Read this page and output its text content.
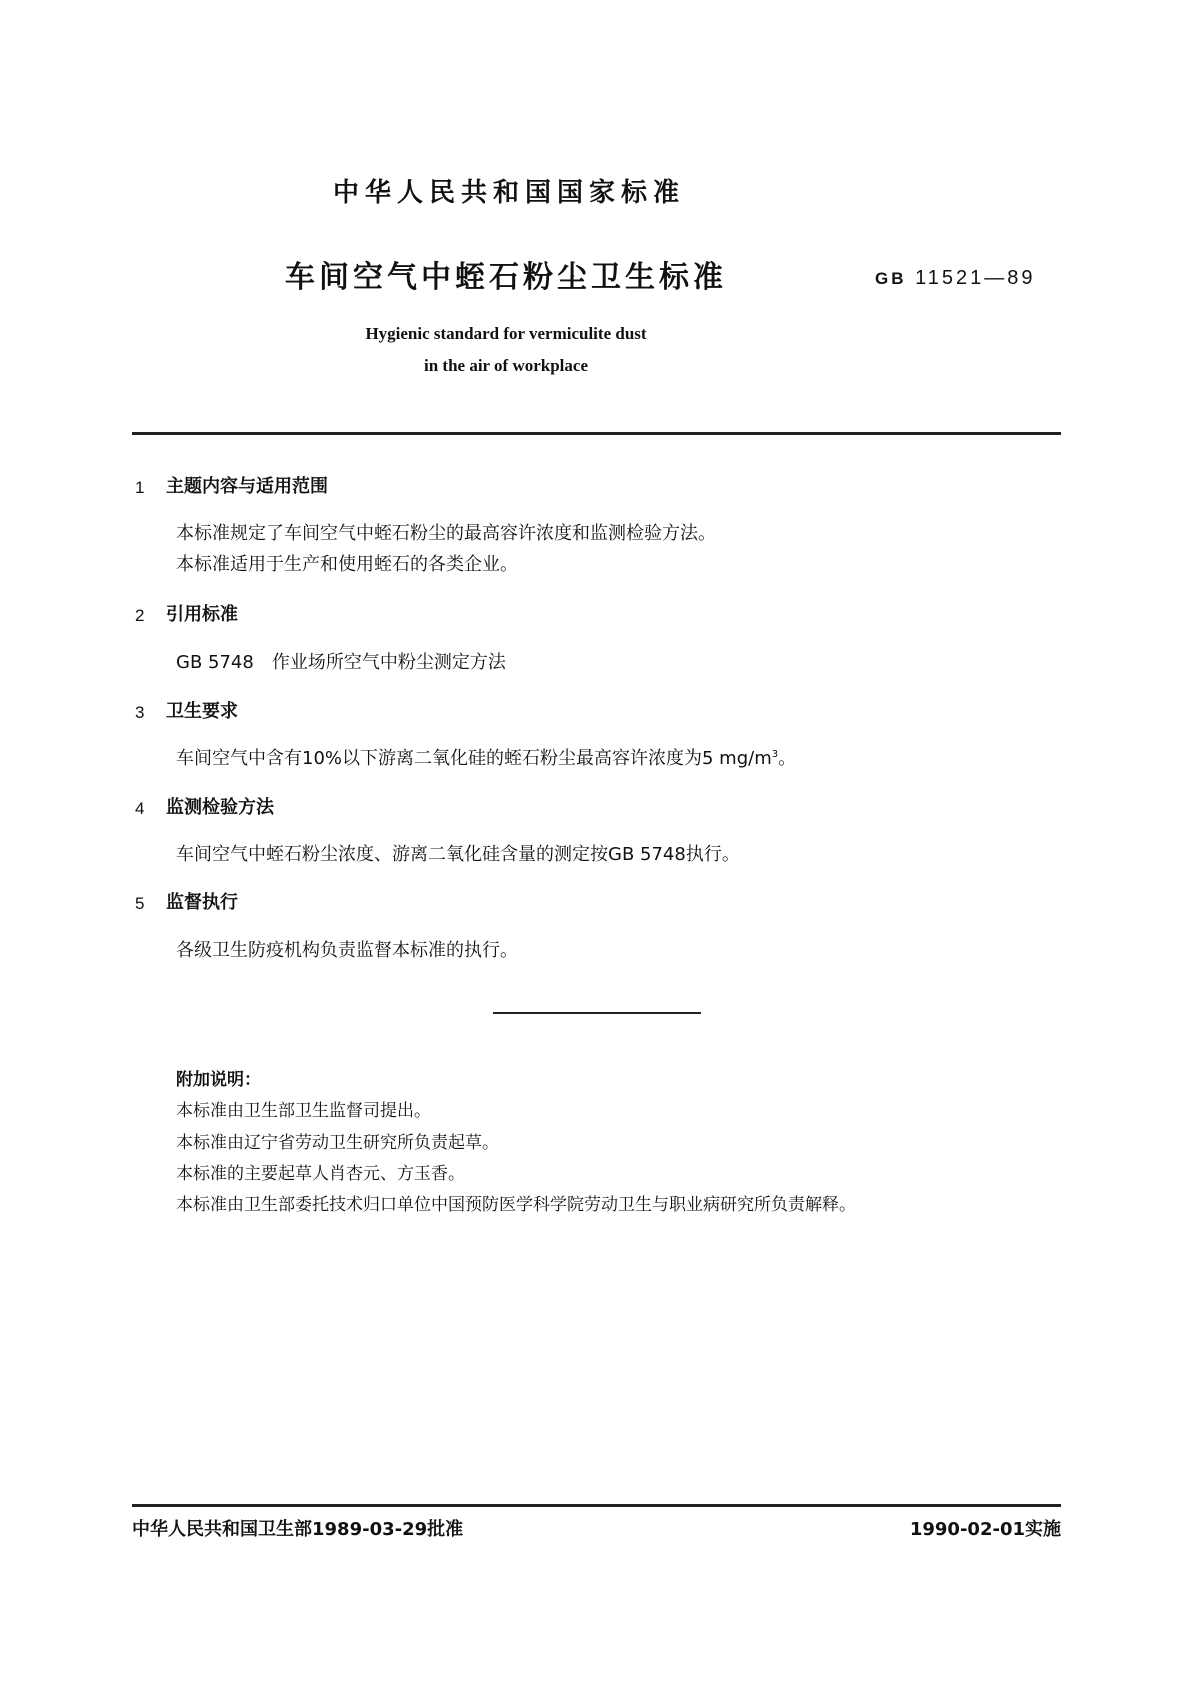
中华人民共和国国家标准
车间空气中蛭石粉尘卫生标准	GB 11521—89
Hygienic standard for vermiculite dust
in the air of workplace
1 主题内容与适用范围
本标准规定了车间空气中蛭石粉尘的最高容许浓度和监测检验方法。
本标准适用于生产和使用蛭石的各类企业。
2 引用标准
GB 5748　作业场所空气中粉尘测定方法
3 卫生要求
车间空气中含有10%以下游离二氧化硅的蛭石粉尘最高容许浓度为5 $mg/m^3$。
4 监测检验方法
车间空气中蛭石粉尘浓度、游离二氧化硅含量的测定按GB 5748执行。
5 监督执行
各级卫生防疫机构负责监督本标准的执行。
附加说明：
本标准由卫生部卫生监督司提出。
本标准由辽宁省劳动卫生研究所负责起草。
本标准的主要起草人肖杏元、方玉香。
本标准由卫生部委托技术归口单位中国预防医学科学院劳动卫生与职业病研究所负责解释。
中华人民共和国卫生部1989-03-29批准	1990-02-01实施
